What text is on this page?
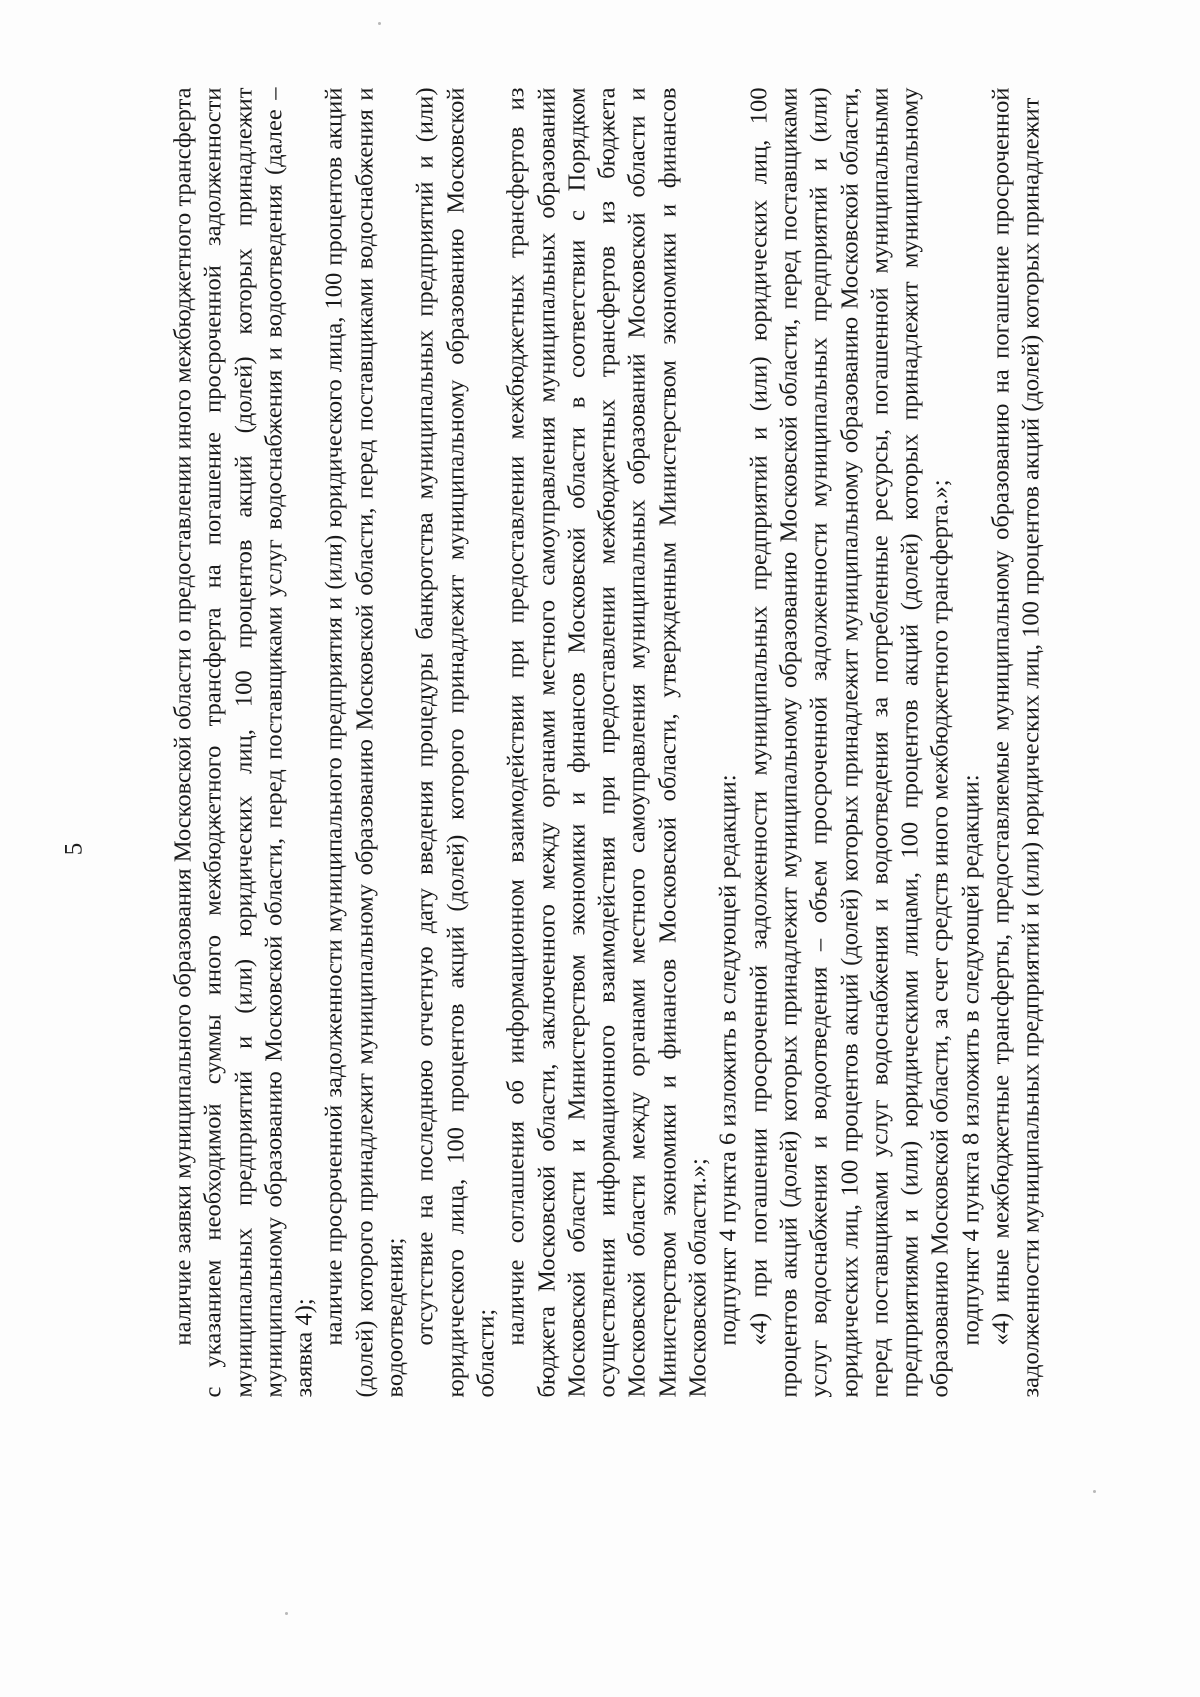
5	наличие заявки муниципального образования Московской области о предоставлении иного межбюджетного трансферта с указанием необходимой суммы иного межбюджетного трансферта на погашение просроченной задолженности муниципальных предприятий и (или) юридических лиц, 100 процентов акций (долей) которых принадлежит муниципальному образованию Московской области, перед поставщиками услуг водоснабжения и водоотведения (далее – заявка 4);

наличие просроченной задолженности муниципального предприятия и (или) юридического лица, 100 процентов акций (долей) которого принадлежит муниципальному образованию Московской области, перед поставщиками водоснабжения и водоотведения; отсутствие на последнюю отчетную дату введения процедуры банкротства муниципальных предприятий и (или) юридического лица, 100 процентов акций (долей) которого принадлежит муниципальному образованию Московской области;

наличие соглашения об информационном взаимодействии при предоставлении межбюджетных трансфертов из бюджета Московской области, заключенного между органами местного самоуправления муниципальных образований Московской области и Министерством экономики и финансов Московской области в соответствии с Порядком осуществления информационного взаимодействия при предоставлении межбюджетных трансфертов из бюджета Московской области между органами местного самоуправления муниципальных образований Московской области и Министерством экономики и финансов Московской области, утвержденным Министерством экономики и финансов Московской области.»; подпункт 4 пункта 6 изложить в следующей редакции: «4) при погашении просроченной задолженности муниципальных предприятий и (или) юридических лиц, 100 процентов акций (долей) которых принадлежит муниципальному образованию Московской области, перед поставщиками услуг водоснабжения и водоотведения – объем просроченной задолженности муниципальных предприятий и (или) юридических лиц, 100 процентов акций (долей) которых принадлежит муниципальному образованию Московской области, перед поставщиками услуг водоснабжения и водоотведения за потребленные ресурсы, погашенной муниципальными предприятиями и (или) юридическими лицами, 100 процентов акций (долей) которых принадлежит муниципальному образованию Московской области, за счет средств иного межбюджетного трансферта.»; подпункт 4 пункта 8 изложить в следующей редакции: «4) иные межбюджетные трансферты, предоставляемые муниципальному образованию на погашение просроченной задолженности муниципальных предприятий и (или) юридических лиц, 100 процентов акций (долей) которых принадлежит
